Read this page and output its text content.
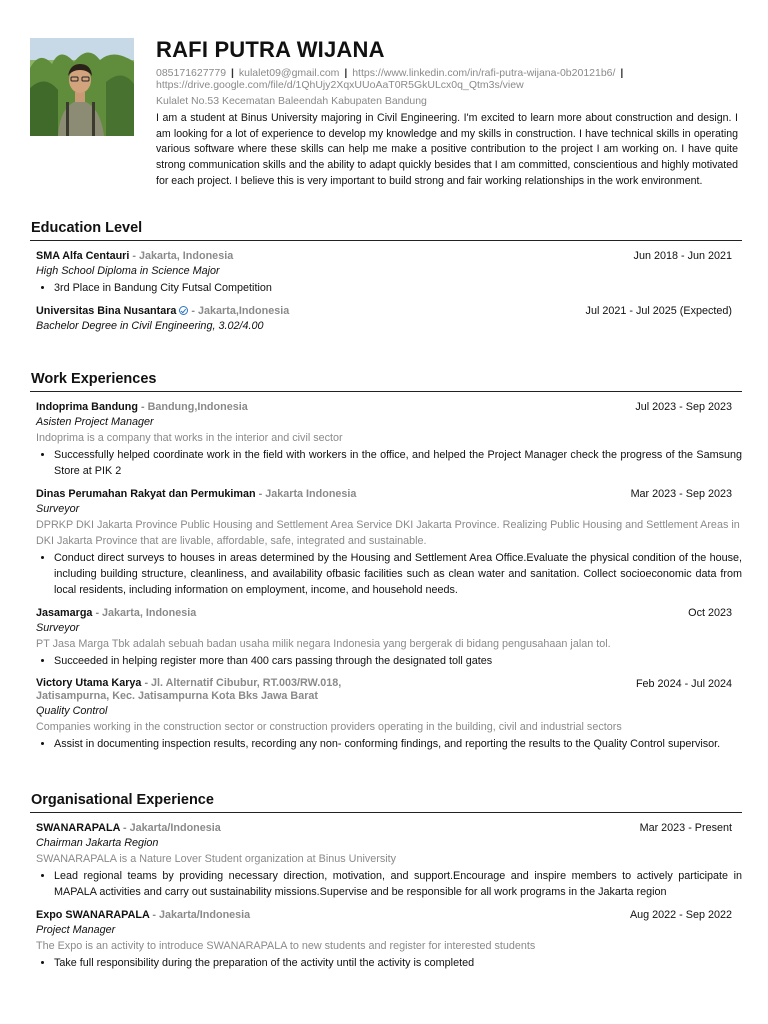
RAFI PUTRA WIJANA
085171627779 | kulalet09@gmail.com | https://www.linkedin.com/in/rafi-putra-wijana-0b20121b6/ | https://drive.google.com/file/d/1QhUjy2XqxUUoAaT0R5GkULcx0q_Qtm3s/view
Kulalet No.53 Kecematan Baleendah Kabupaten Bandung
I am a student at Binus University majoring in Civil Engineering. I'm excited to learn more about construction and design. I am looking for a lot of experience to develop my knowledge and my skills in construction. I have technical skills in operating various software where these skills can help me make a positive contribution to the project I am working on. I have quite strong communication skills and the ability to adapt quickly besides that I am committed, conscientious and highly motivated for each project. I believe this is very important to build strong and fair working relationships in the work environment.
Education Level
SMA Alfa Centauri - Jakarta, Indonesia	Jun 2018 - Jun 2021
High School Diploma in Science Major
• 3rd Place in Bandung City Futsal Competition
Universitas Bina Nusantara - Jakarta,Indonesia	Jul 2021 - Jul 2025 (Expected)
Bachelor Degree in Civil Engineering, 3.02/4.00
Work Experiences
Indoprima Bandung - Bandung,Indonesia	Jul 2023 - Sep 2023
Asisten Project Manager
Indoprima is a company that works in the interior and civil sector
• Successfully helped coordinate work in the field with workers in the office, and helped the Project Manager check the progress of the Samsung Store at PIK 2
Dinas Perumahan Rakyat dan Permukiman - Jakarta Indonesia	Mar 2023 - Sep 2023
Surveyor
DPRKP DKI Jakarta Province Public Housing and Settlement Area Service DKI Jakarta Province. Realizing Public Housing and Settlement Areas in DKI Jakarta Province that are livable, affordable, safe, integrated and sustainable.
• Conduct direct surveys to houses in areas determined by the Housing and Settlement Area Office.Evaluate the physical condition of the house, including building structure, cleanliness, and availability ofbasic facilities such as clean water and sanitation. Collect socioeconomic data from local residents, including information on employment, income, and household needs.
Jasamarga - Jakarta, Indonesia	Oct 2023
Surveyor
PT Jasa Marga Tbk adalah sebuah badan usaha milik negara Indonesia yang bergerak di bidang pengusahaan jalan tol.
• Succeeded in helping register more than 400 cars passing through the designated toll gates
Victory Utama Karya - Jl. Alternatif Cibubur, RT.003/RW.018,
Jatisampurna, Kec. Jatisampurna Kota Bks Jawa Barat
Feb 2024 - Jul 2024
Quality Control
Companies working in the construction sector or construction providers operating in the building, civil and industrial sectors
• Assist in documenting inspection results, recording any non- conforming findings, and reporting the results to the Quality Control supervisor.
Organisational Experience
SWANARAPALA - Jakarta/Indonesia	Mar 2023 - Present
Chairman Jakarta Region
SWANARAPALA is a Nature Lover Student organization at Binus University
• Lead regional teams by providing necessary direction, motivation, and support.Encourage and inspire members to actively participate in MAPALA activities and carry out sustainability missions.Supervise and be responsible for all work programs in the Jakarta region
Expo SWANARAPALA - Jakarta/Indonesia	Aug 2022 - Sep 2022
Project Manager
The Expo is an activity to introduce SWANARAPALA to new students and register for interested students
• Take full responsibility during the preparation of the activity until the activity is completed
